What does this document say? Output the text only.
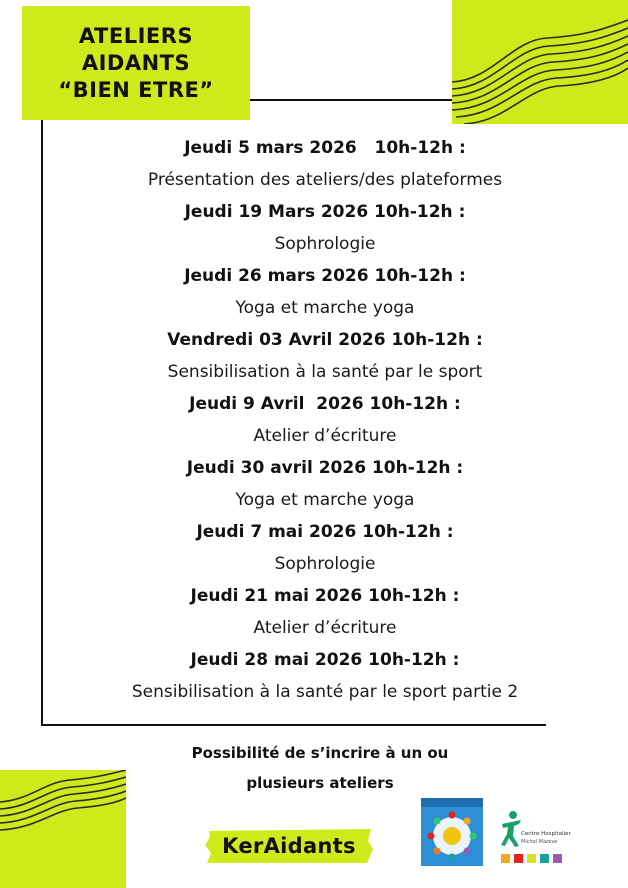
ATELIERS
AIDANTS
“BIEN ETRE”
Jeudi 5 mars 2026   10h-12h :
Présentation des ateliers/des plateformes
Jeudi 19 Mars 2026 10h-12h :
Sophrologie
Jeudi 26 mars 2026 10h-12h :
Yoga et marche yoga
Vendredi 03 Avril 2026 10h-12h :
Sensibilisation à la santé par le sport
Jeudi 9 Avril  2026 10h-12h :
Atelier d’écriture
Jeudi 30 avril 2026 10h-12h :
Yoga et marche yoga
Jeudi 7 mai 2026 10h-12h :
Sophrologie
Jeudi 21 mai 2026 10h-12h :
Atelier d’écriture
Jeudi 28 mai 2026 10h-12h :
Sensibilisation à la santé par le sport partie 2
Possibilité de s’incrire à un ou
plusieurs ateliers
KerAidants	Centre Hospitalier
Michel Mazéas
